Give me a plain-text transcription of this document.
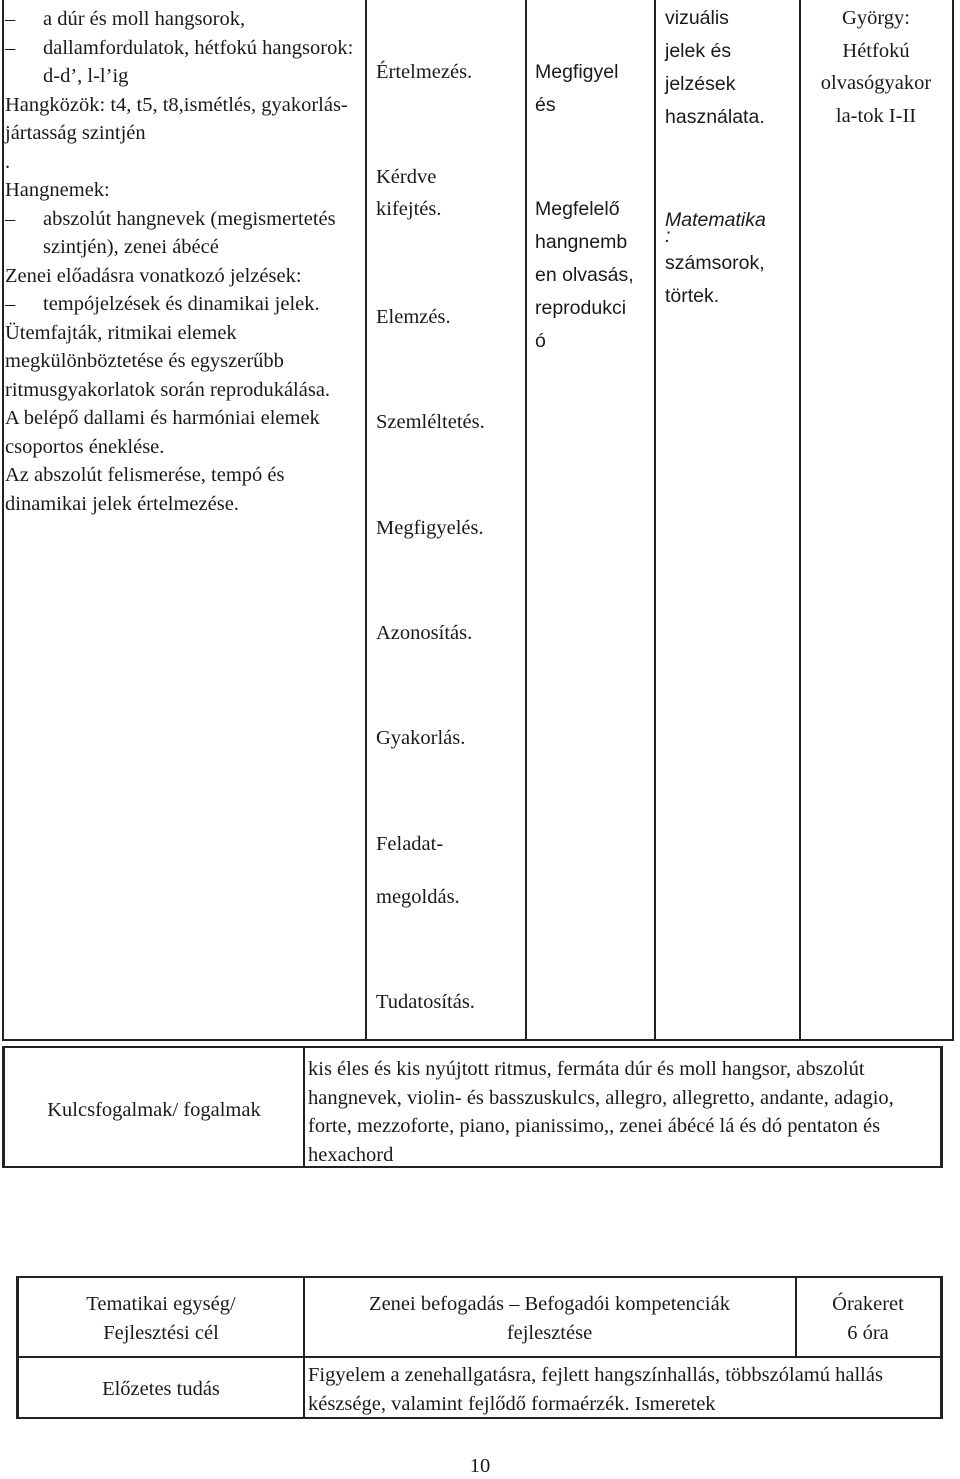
– a dúr és moll hangsorok,
– dallamfordulatok, hétfokú hangsorok: d-d’, l-l’ig
Hangközök: t4, t5, t8,ismétlés, gyakorlás-jártasság szintjén
.
Hangnemek:
– abszolút hangnevek (megismertetés szintjén), zenei ábécé
Zenei előadásra vonatkozó jelzések:
– tempójelzések és dinamikai jelek.
Ütemfajták, ritmikai elemek megkülönböztetése és egyszerűbb ritmusgyakorlatok során reprodukálása.
A belépő dallami és harmóniai elemek csoportos éneklése.
Az abszolút felismerése, tempó és dinamikai jelek értelmezése.

Értelmezés.

Kérdve

kifejtés.

Elemzés.

Szemléltetés.

Megfigyelés.

Azonosítás.

Gyakorlás.

Feladat-

megoldás.

Tudatosítás.

Megfigyel
és
Megfelelő
hangnemb
en olvasás,
reprodukci
ó
vizuális
jelek és
jelzések
használata.
Matematika
:
számsorok,
törtek.
György:
Hétfokú
olvasógyakor
la-tok I-II
Kulcsfogalmak/ fogalmak
kis éles és kis nyújtott ritmus, fermáta dúr és moll hangsor, abszolút hangnevek, violin- és basszuskulcs, allegro, allegretto, andante, adagio, forte, mezzoforte, piano, pianissimo,, zenei ábécé lá és dó pentaton és hexachord
Tematikai egység/
Fejlesztési cél
Zenei befogadás – Befogadói kompetenciák
fejlesztése
Órakeret
6 óra
Előzetes tudás
Figyelem a zenehallgatásra, fejlett hangszínhallás, többszólamú hallás készsége, valamint fejlődő formaérzék. Ismeretek
10
